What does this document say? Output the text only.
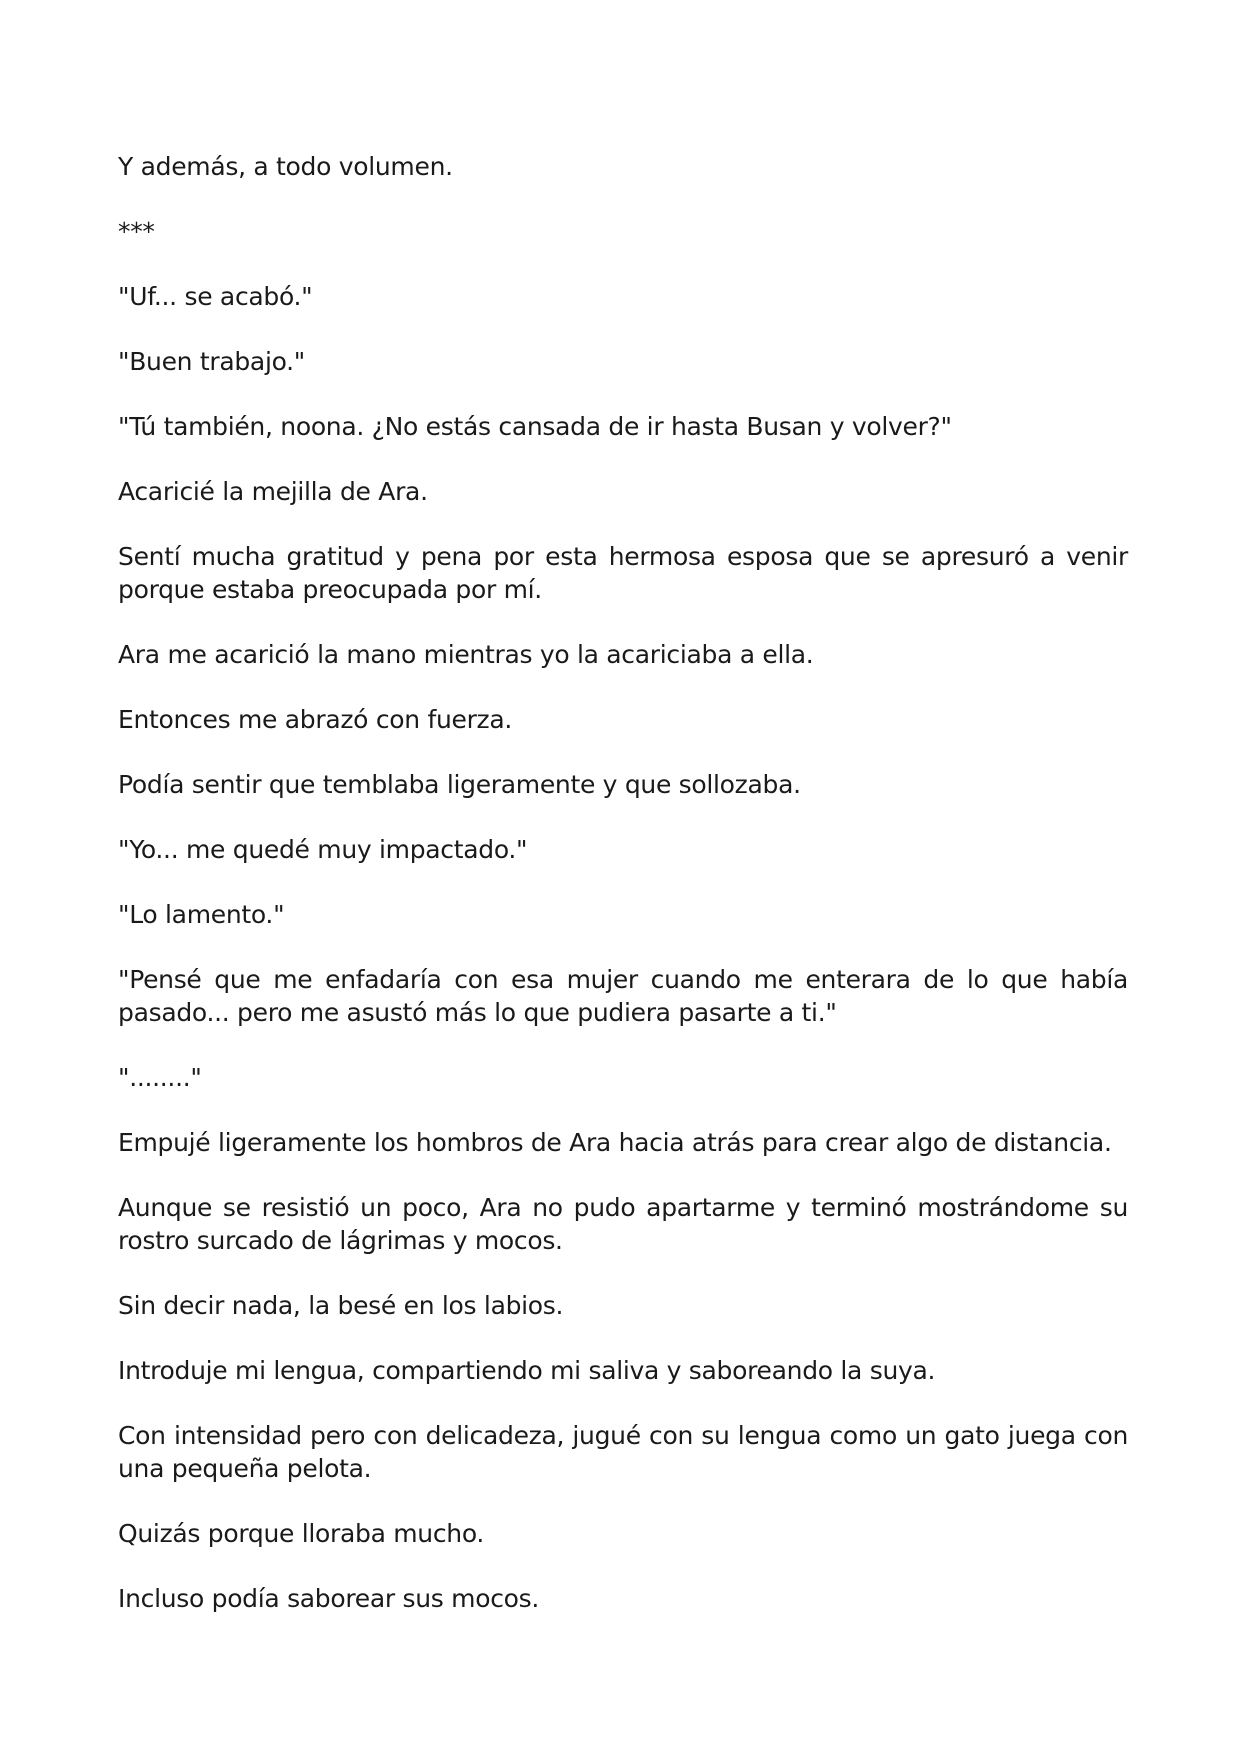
Y además, a todo volumen.

***

"Uf... se acabó."

"Buen trabajo."

"Tú también, noona. ¿No estás cansada de ir hasta Busan y volver?"

Acaricié la mejilla de Ara.

Sentí mucha gratitud y pena por esta hermosa esposa que se apresuró a venir porque estaba preocupada por mí.

Ara me acarició la mano mientras yo la acariciaba a ella.

Entonces me abrazó con fuerza.

Podía sentir que temblaba ligeramente y que sollozaba.

"Yo... me quedé muy impactado."

"Lo lamento."

"Pensé que me enfadaría con esa mujer cuando me enterara de lo que había pasado... pero me asustó más lo que pudiera pasarte a ti."

"........"

Empujé ligeramente los hombros de Ara hacia atrás para crear algo de distancia.

Aunque se resistió un poco, Ara no pudo apartarme y terminó mostrándome su rostro surcado de lágrimas y mocos.

Sin decir nada, la besé en los labios.

Introduje mi lengua, compartiendo mi saliva y saboreando la suya.

Con intensidad pero con delicadeza, jugué con su lengua como un gato juega con una pequeña pelota.

Quizás porque lloraba mucho.

Incluso podía saborear sus mocos.
